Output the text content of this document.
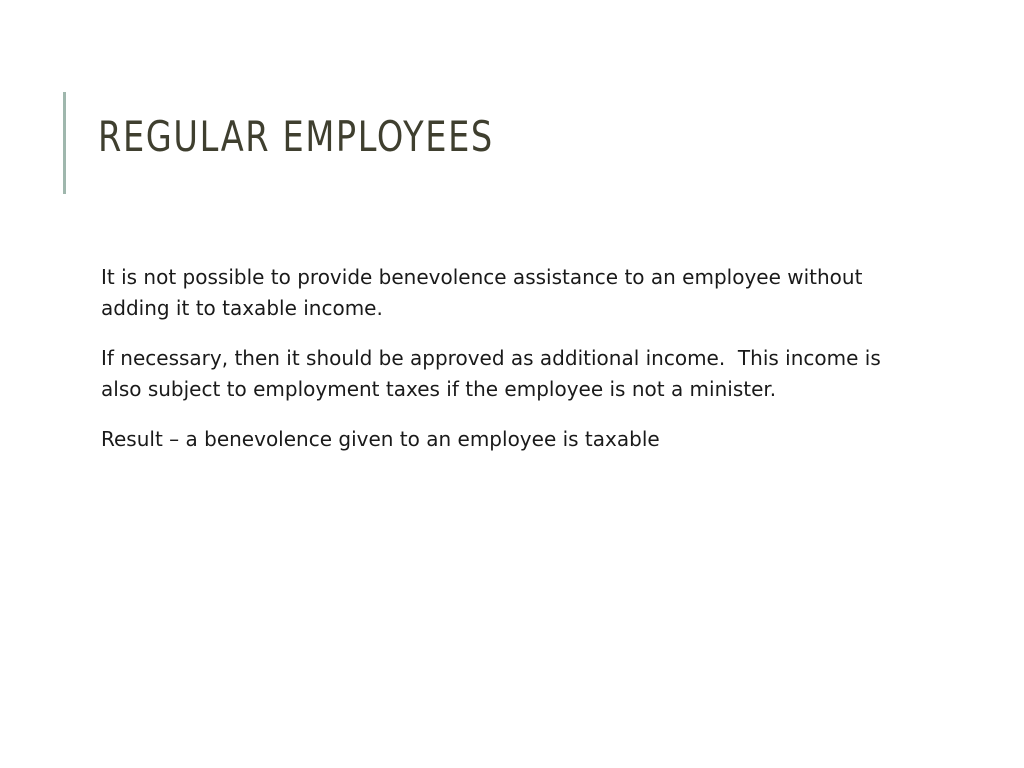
REGULAR EMPLOYEES

It is not possible to provide benevolence assistance to an employee without adding it to taxable income.

If necessary, then it should be approved as additional income.  This income is also subject to employment taxes if the employee is not a minister.

Result – a benevolence given to an employee is taxable
